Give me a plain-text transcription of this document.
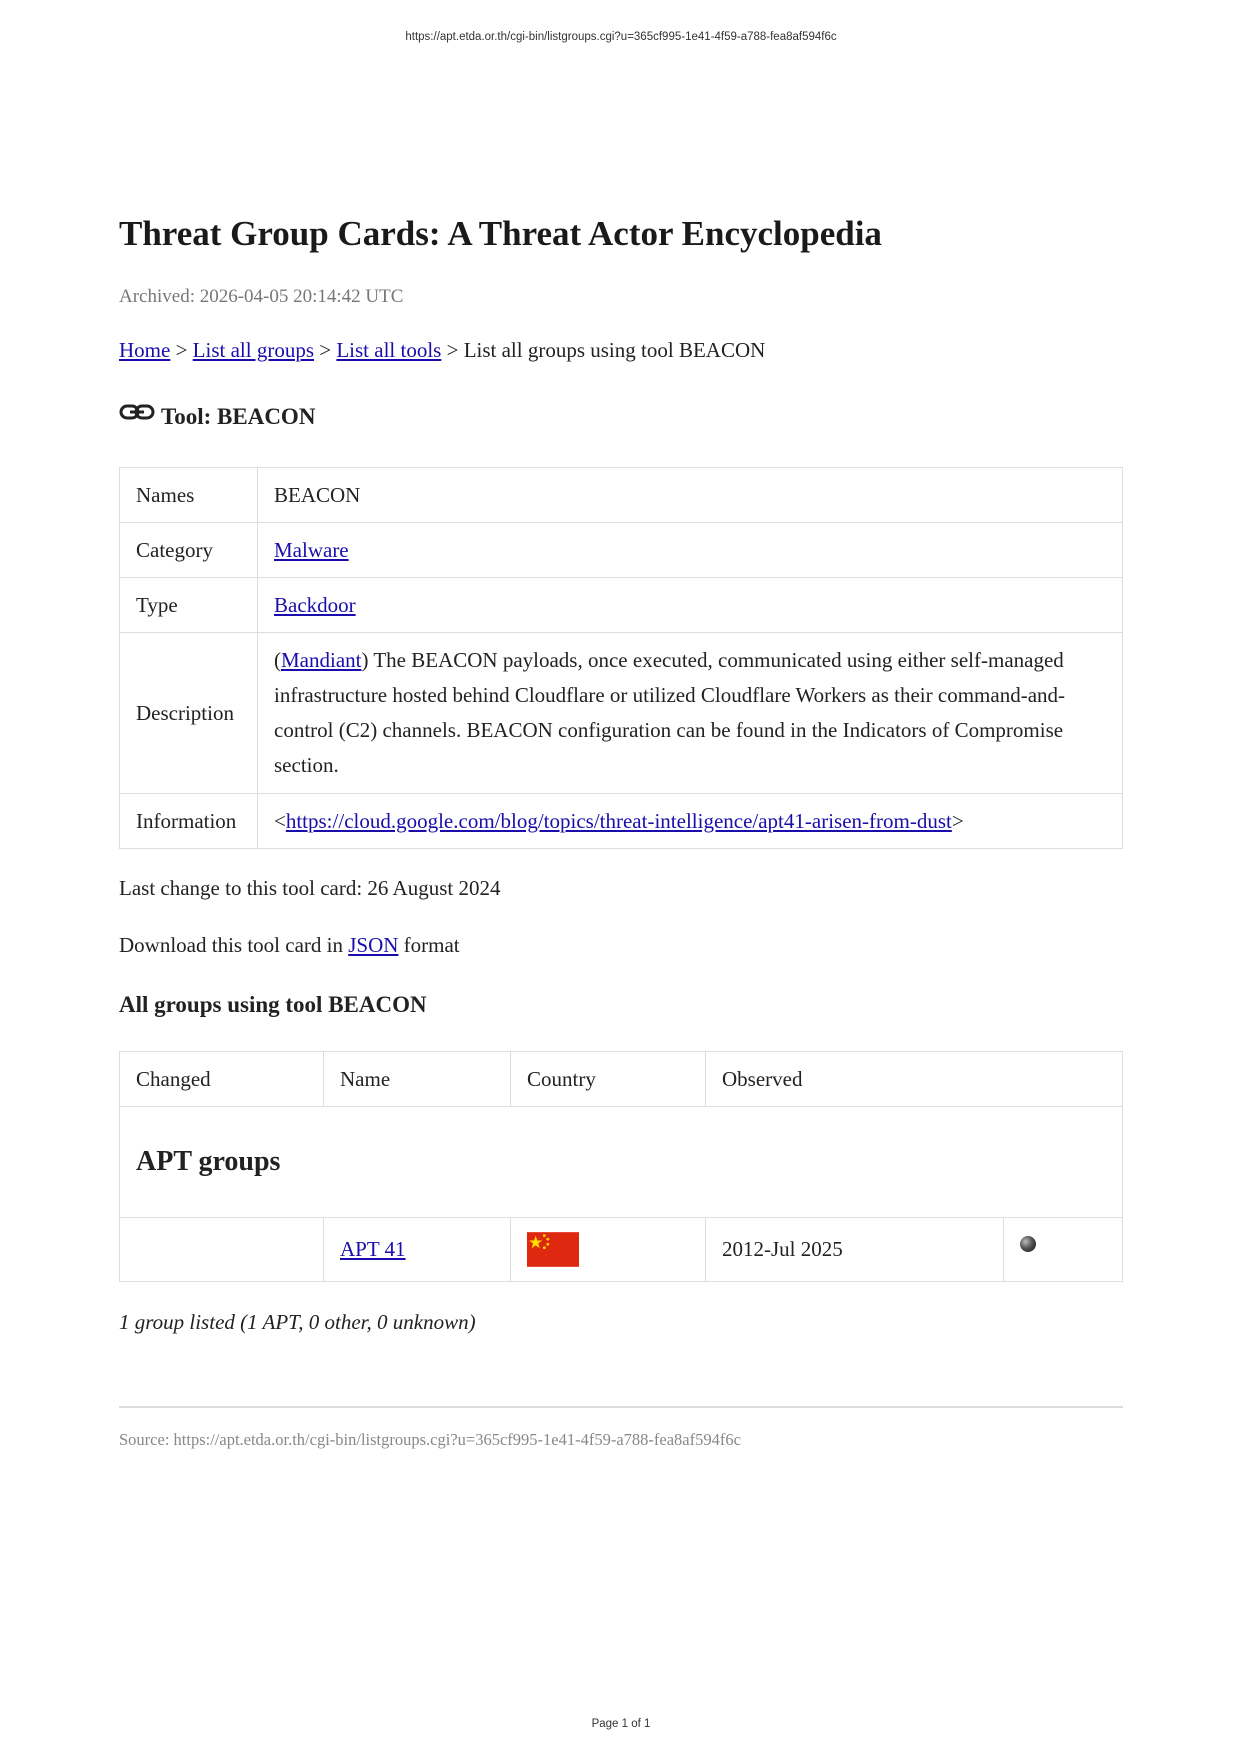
https://apt.etda.or.th/cgi-bin/listgroups.cgi?u=365cf995-1e41-4f59-a788-fea8af594f6c
Threat Group Cards: A Threat Actor Encyclopedia
Archived: 2026-04-05 20:14:42 UTC
Home > List all groups > List all tools > List all groups using tool BEACON
Tool: BEACON
Names	BEACON
Category	Malware
Type	Backdoor
Description	(Mandiant) The BEACON payloads, once executed, communicated using either self-managed infrastructure hosted behind Cloudflare or utilized Cloudflare Workers as their command-and-control (C2) channels. BEACON configuration can be found in the Indicators of Compromise section.
Information	<https://cloud.google.com/blog/topics/threat-intelligence/apt41-arisen-from-dust>
Last change to this tool card: 26 August 2024
Download this tool card in JSON format
All groups using tool BEACON
Changed	Name	Country	Observed	
APT groups				
	APT 41		2012-Jul 2025	
1 group listed (1 APT, 0 other, 0 unknown)
Source: https://apt.etda.or.th/cgi-bin/listgroups.cgi?u=365cf995-1e41-4f59-a788-fea8af594f6c
Page 1 of 1
